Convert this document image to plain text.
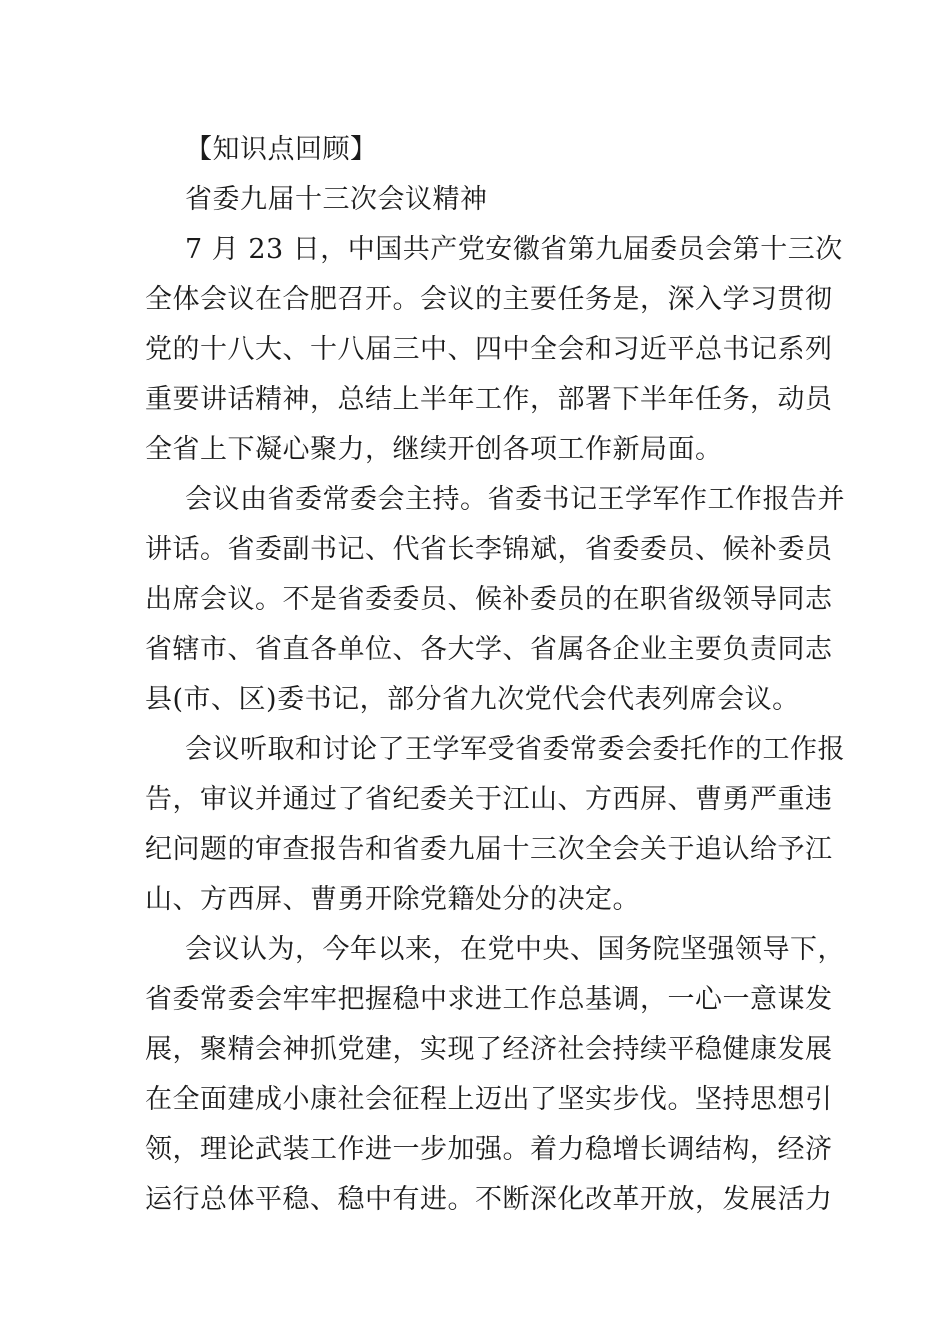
【知识点回顾】
省委九届十三次会议精神
7 月 23 日，中国共产党安徽省第九届委员会第十三次
全体会议在合肥召开。会议的主要任务是，深入学习贯彻
党的十八大、十八届三中、四中全会和习近平总书记系列
重要讲话精神，总结上半年工作，部署下半年任务，动员
全省上下凝心聚力，继续开创各项工作新局面。
会议由省委常委会主持。省委书记王学军作工作报告并
讲话。省委副书记、代省长李锦斌，省委委员、候补委员
出席会议。不是省委委员、候补委员的在职省级领导同志
省辖市、省直各单位、各大学、省属各企业主要负责同志
县(市、区)委书记，部分省九次党代会代表列席会议。
会议听取和讨论了王学军受省委常委会委托作的工作报
告，审议并通过了省纪委关于江山、方西屏、曹勇严重违
纪问题的审查报告和省委九届十三次全会关于追认给予江
山、方西屏、曹勇开除党籍处分的决定。
会议认为，今年以来，在党中央、国务院坚强领导下，
省委常委会牢牢把握稳中求进工作总基调，一心一意谋发
展，聚精会神抓党建，实现了经济社会持续平稳健康发展
在全面建成小康社会征程上迈出了坚实步伐。坚持思想引
领，理论武装工作进一步加强。着力稳增长调结构，经济
运行总体平稳、稳中有进。不断深化改革开放，发展活力
